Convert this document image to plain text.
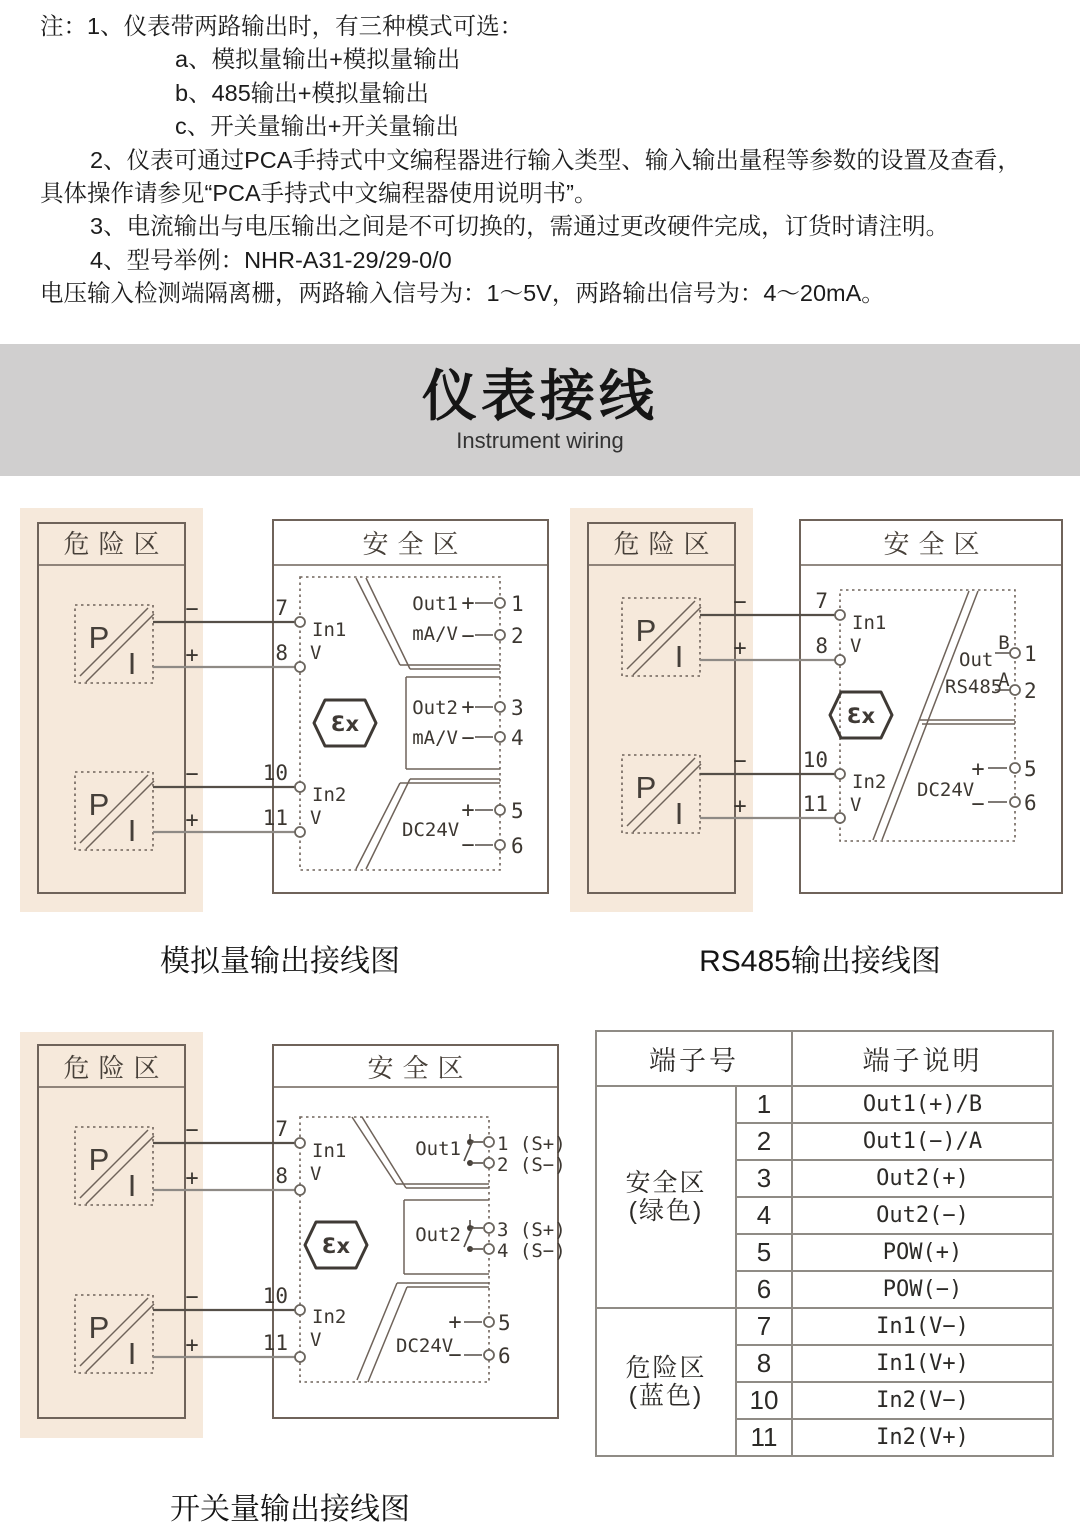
注：1、仪表带两路输出时，有三种模式可选：
a、模拟量输出+模拟量输出
b、485输出+模拟量输出
c、开关量输出+开关量输出
2、仪表可通过PCA手持式中文编程器进行输入类型、输入输出量程等参数的设置及查看，
具体操作请参见“PCA手持式中文编程器使用说明书”。
3、电流输出与电压输出之间是不可切换的，需通过更改硬件完成，订货时请注明。
4、型号举例：NHR-A31-29/29-0/0
电压输入检测端隔离栅，两路输入信号为：1～5V，两路输出信号为：4～20mA。
仪表接线
Instrument wiring
危险区	安全区
P
I
P
I
−
+
−
+
7
8
10
11
In1
V
In2
V
Ɛx
Out1
mA/V
+ 1
− 2
Out2
mA/V
+ 3
− 4
DC24V
+ 5
− 6
模拟量输出接线图
危险区	安全区
P
I
P
I
−
+
−
+
7
8
10
11
In1
V
In2
V
Ɛx
Out
RS485
B 1
A 2
DC24V
+ 5
− 6
RS485输出接线图
危险区	安全区
P
I
P
I
−
+
−
+
7
8
10
11
In1
V
In2
V
Ɛx
Out1 1 (S+)
2 (S−)
Out2 3 (S+)
4 (S−)
DC24V
+ 5
− 6
开关量输出接线图
端子号		端子说明

安全区
(绿色)	1	Out1(+)/B
	2	Out1(−)/A
	3	Out2(+)
	4	Out2(−)
	5	POW(+)
	6	POW(−)

危险区
(蓝色)	7	In1(V−)
	8	In1(V+)
	10	In2(V−)
	11	In2(V+)
